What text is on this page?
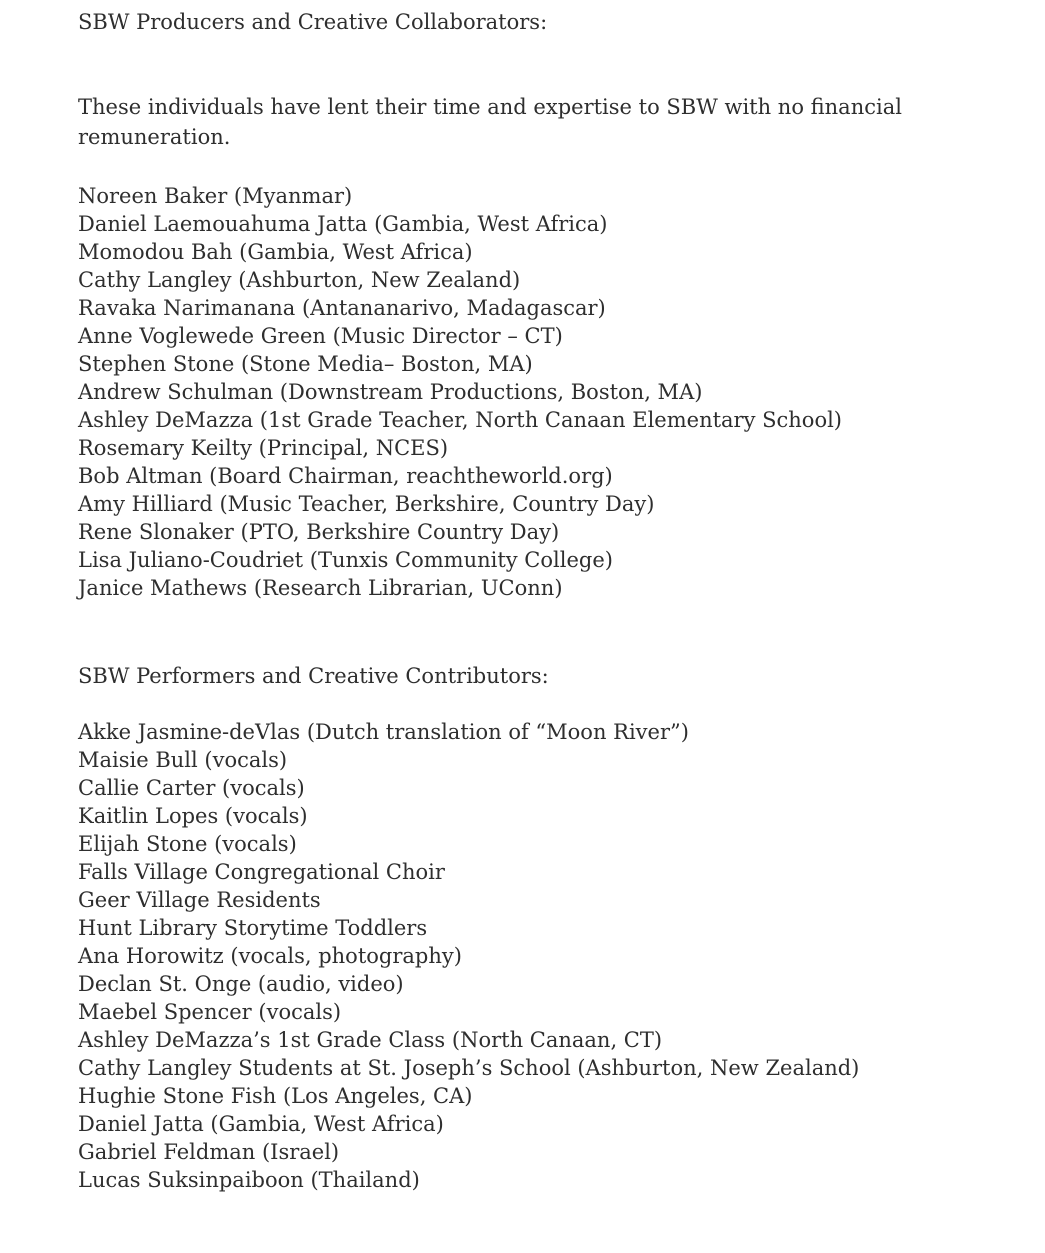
SBW Producers and Creative Collaborators:

These individuals have lent their time and expertise to SBW with no financial remuneration.

Noreen Baker (Myanmar)
Daniel Laemouahuma Jatta (Gambia, West Africa)
Momodou Bah (Gambia, West Africa)
Cathy Langley (Ashburton, New Zealand)
Ravaka Narimanana (Antananarivo, Madagascar)
Anne Voglewede Green (Music Director – CT)
Stephen Stone (Stone Media– Boston, MA)
Andrew Schulman (Downstream Productions, Boston, MA)
Ashley DeMazza (1st Grade Teacher, North Canaan Elementary School)
Rosemary Keilty (Principal, NCES)
Bob Altman (Board Chairman, reachtheworld.org)
Amy Hilliard (Music Teacher, Berkshire, Country Day)
Rene Slonaker (PTO, Berkshire Country Day)
Lisa Juliano-Coudriet (Tunxis Community College)
Janice Mathews (Research Librarian, UConn)
SBW Performers and Creative Contributors:
Akke Jasmine-deVlas (Dutch translation of “Moon River”)
Maisie Bull (vocals)
Callie Carter (vocals)
Kaitlin Lopes (vocals)
Elijah Stone (vocals)
Falls Village Congregational Choir
Geer Village Residents
Hunt Library Storytime Toddlers
Ana Horowitz (vocals, photography)
Declan St. Onge (audio, video)
Maebel Spencer (vocals)
Ashley DeMazza’s 1st Grade Class (North Canaan, CT)
Cathy Langley Students at St. Joseph’s School (Ashburton, New Zealand)
Hughie Stone Fish (Los Angeles, CA)
Daniel Jatta (Gambia, West Africa)
Gabriel Feldman (Israel)
Lucas Suksinpaiboon (Thailand)
